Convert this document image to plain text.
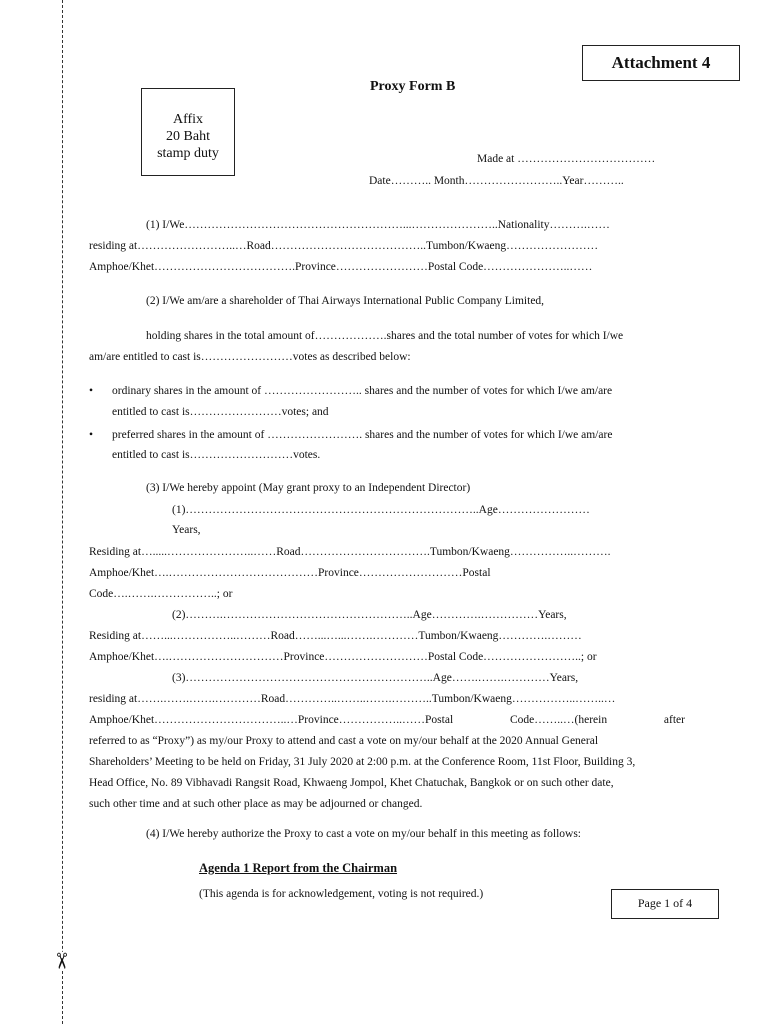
✂
Attachment 4
Proxy Form B
Affix
20 Baht
stamp duty	Made at ………………………………
Date……….. Month……………………..Year………..
(1) I/We…………………………………………………...…………………..Nationality……….……
residing at……………………..…Road…………………………………..Tumbon/Kwaeng……………………
Amphoe/Khet……………………………….Province……………………Postal Code…………………..……
(2) I/We am/are a shareholder of Thai Airways International Public Company Limited,
holding shares in the total amount of……………….shares and the total number of votes for which I/we
am/are entitled to cast is……………………votes as described below:
• ordinary shares in the amount of …………………….. shares and the number of votes for which I/we am/are
entitled to cast is……………………votes; and
• preferred shares in the amount of ……………………. shares and the number of votes for which I/we am/are
entitled to cast is………………………votes.
(3) I/We hereby appoint (May grant proxy to an Independent Director)
(1)…………………………………………………………………..Age……………………
Years,
Residing at….....…………………..……Road…………………………….Tumbon/Kwaeng……………..……….
Amphoe/Khet….…………………………………Province………………………Postal
Code….…….……………..; or
(2)……….…………………………………………..Age………….……………Years,
Residing at……...……………..………Road……...…...…….…………Tumbon/Kwaeng………….………
Amphoe/Khet….…………………………Province………………………Postal Code……………………..; or
(3)………………………………………………………..Age…….…….…………Years,
residing at…….…….…….…………Road…………..……..…….………..Tumbon/Kwaeng……………..……..…
Amphoe/Khet……………………………..…Province……………..……Postal	Code……..…(herein	after
referred to as “Proxy”) as my/our Proxy to attend and cast a vote on my/our behalf at the 2020 Annual General
Shareholders’ Meeting to be held on Friday, 31 July 2020 at 2:00 p.m. at the Conference Room, 11st Floor, Building 3,
Head Office, No. 89 Vibhavadi Rangsit Road, Khwaeng Jompol, Khet Chatuchak, Bangkok or on such other date,
such other time and at such other place as may be adjourned or changed.
(4) I/We hereby authorize the Proxy to cast a vote on my/our behalf in this meeting as follows:
Agenda 1 Report from the Chairman
(This agenda is for acknowledgement, voting is not required.)
Page 1 of 4
